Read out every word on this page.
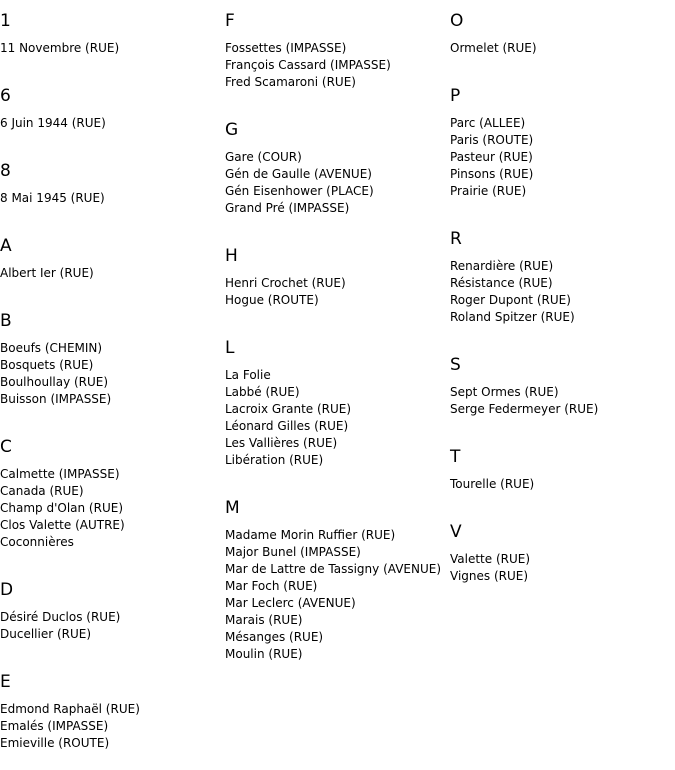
1
11 Novembre (RUE)
6
6 Juin 1944 (RUE)
8
8 Mai 1945 (RUE)
A
Albert Ier (RUE)
B
Boeufs (CHEMIN)
Bosquets (RUE)
Boulhoullay (RUE)
Buisson (IMPASSE)
C
Calmette (IMPASSE)
Canada (RUE)
Champ d'Olan (RUE)
Clos Valette (AUTRE)
Coconnières
D
Désiré Duclos (RUE)
Ducellier (RUE)
E
Edmond Raphaël (RUE)
Emalés (IMPASSE)
Emieville (ROUTE)
F
Fossettes (IMPASSE)
François Cassard (IMPASSE)
Fred Scamaroni (RUE)
G
Gare (COUR)
Gén de Gaulle (AVENUE)
Gén Eisenhower (PLACE)
Grand Pré (IMPASSE)
H
Henri Crochet (RUE)
Hogue (ROUTE)
L
La Folie
Labbé (RUE)
Lacroix Grante (RUE)
Léonard Gilles (RUE)
Les Vallières (RUE)
Libération (RUE)
M
Madame Morin Ruffier (RUE)
Major Bunel (IMPASSE)
Mar de Lattre de Tassigny (AVENUE)
Mar Foch (RUE)
Mar Leclerc (AVENUE)
Marais (RUE)
Mésanges (RUE)
Moulin (RUE)
O
Ormelet (RUE)
P
Parc (ALLEE)
Paris (ROUTE)
Pasteur (RUE)
Pinsons (RUE)
Prairie (RUE)
R
Renardière (RUE)
Résistance (RUE)
Roger Dupont (RUE)
Roland Spitzer (RUE)
S
Sept Ormes (RUE)
Serge Federmeyer (RUE)
T
Tourelle (RUE)
V
Valette (RUE)
Vignes (RUE)
